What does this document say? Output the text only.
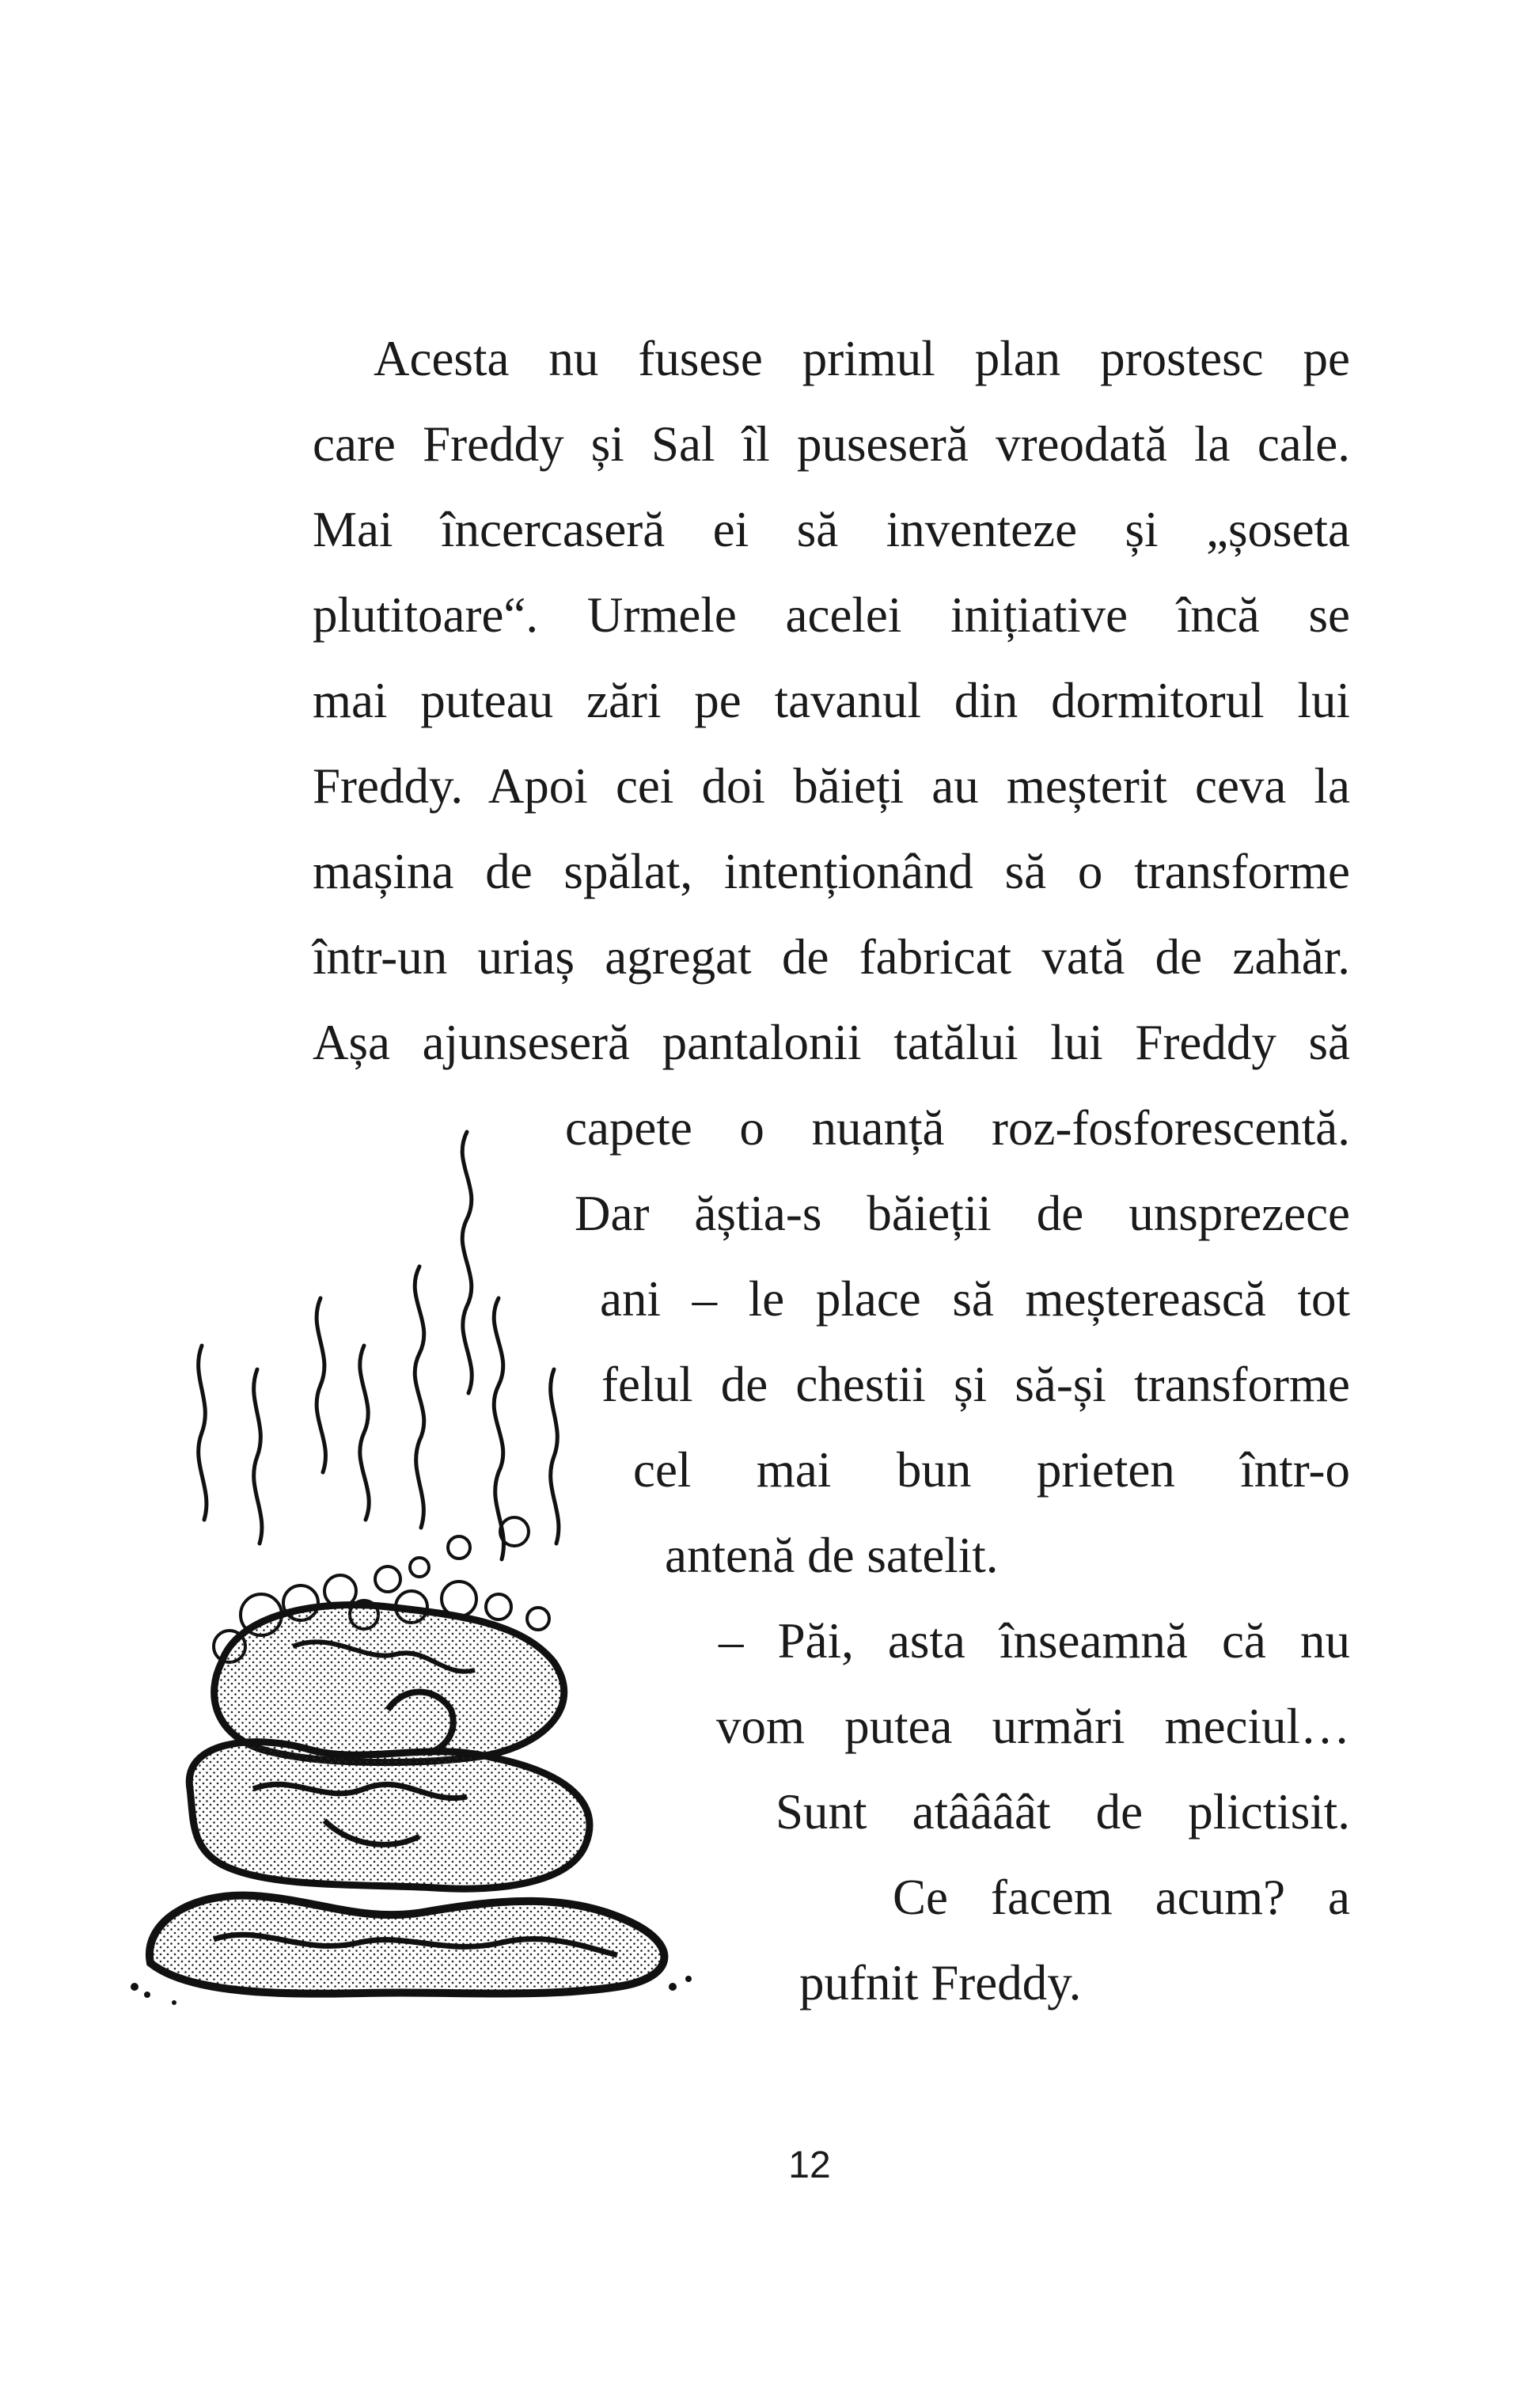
Acesta nu fusese primul plan prostesc pe
care Freddy și Sal îl puseseră vreodată la cale.
Mai încercaseră ei să inventeze și „șoseta
plutitoare“. Urmele acelei inițiative încă se
mai puteau zări pe tavanul din dormitorul lui
Freddy. Apoi cei doi băieți au meșterit ceva la
mașina de spălat, intenționând să o transforme
într-un uriaș agregat de fabricat vată de zahăr.
Așa ajunseseră pantalonii tatălui lui Freddy să
capete o nuanță roz-fosforescentă.
Dar ăștia-s băieții de unsprezece
ani – le place să meșterească tot
felul de chestii și să-și transforme
cel mai bun prieten într-o
antenă de satelit.
– Păi, asta înseamnă că nu
vom putea urmări meciul…
Sunt atâââât de plictisit.
Ce facem acum? a
pufnit Freddy.
12
